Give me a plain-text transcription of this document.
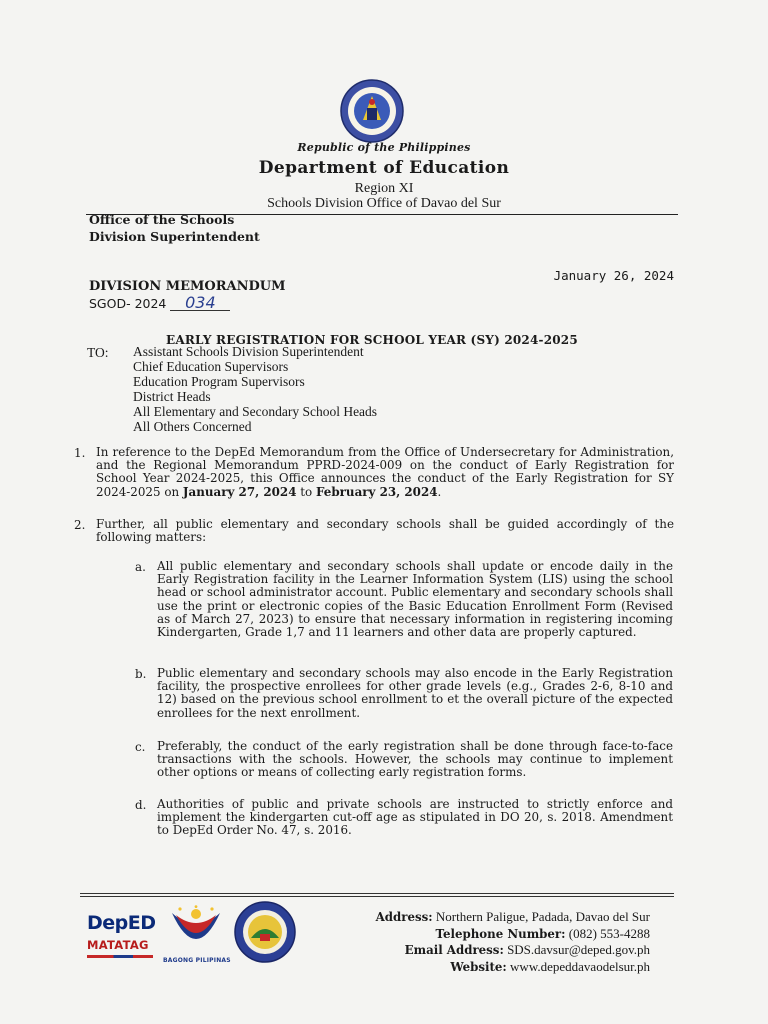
Republic of the Philippines
Department of Education
Region XI
Schools Division Office of Davao del Sur
Office of the Schools
Division Superintendent
January 26, 2024
DIVISION MEMORANDUM
SGOD- 2024 034
EARLY REGISTRATION FOR SCHOOL YEAR (SY) 2024-2025
TO: Assistant Schools Division Superintendent
Chief Education Supervisors
Education Program Supervisors
District Heads
All Elementary and Secondary School Heads
All Others Concerned
1. In reference to the DepEd Memorandum from the Office of Undersecretary for Administration, and the Regional Memorandum PPRD-2024-009 on the conduct of Early Registration for School Year 2024-2025, this Office announces the conduct of the Early Registration for SY 2024-2025 on January 27, 2024 to February 23, 2024.
2. Further, all public elementary and secondary schools shall be guided accordingly of the following matters:
a. All public elementary and secondary schools shall update or encode daily in the Early Registration facility in the Learner Information System (LIS) using the school head or school administrator account. Public elementary and secondary schools shall use the print or electronic copies of the Basic Education Enrollment Form (Revised as of March 27, 2023) to ensure that necessary information in registering incoming Kindergarten, Grade 1,7 and 11 learners and other data are properly captured.
b. Public elementary and secondary schools may also encode in the Early Registration facility, the prospective enrollees for other grade levels (e.g., Grades 2-6, 8-10 and 12) based on the previous school enrollment to et the overall picture of the expected enrollees for the next enrollment.
c. Preferably, the conduct of the early registration shall be done through face-to-face transactions with the schools. However, the schools may continue to implement other options or means of collecting early registration forms.
d. Authorities of public and private schools are instructed to strictly enforce and implement the kindergarten cut-off age as stipulated in DO 20, s. 2018. Amendment to DepEd Order No. 47, s. 2016.
DepED
MATATAG
BAGONG PILIPINAS
Address: Northern Paligue, Padada, Davao del Sur
Telephone Number: (082) 553-4288
Email Address: SDS.davsur@deped.gov.ph
Website: www.depeddavaodelsur.ph
